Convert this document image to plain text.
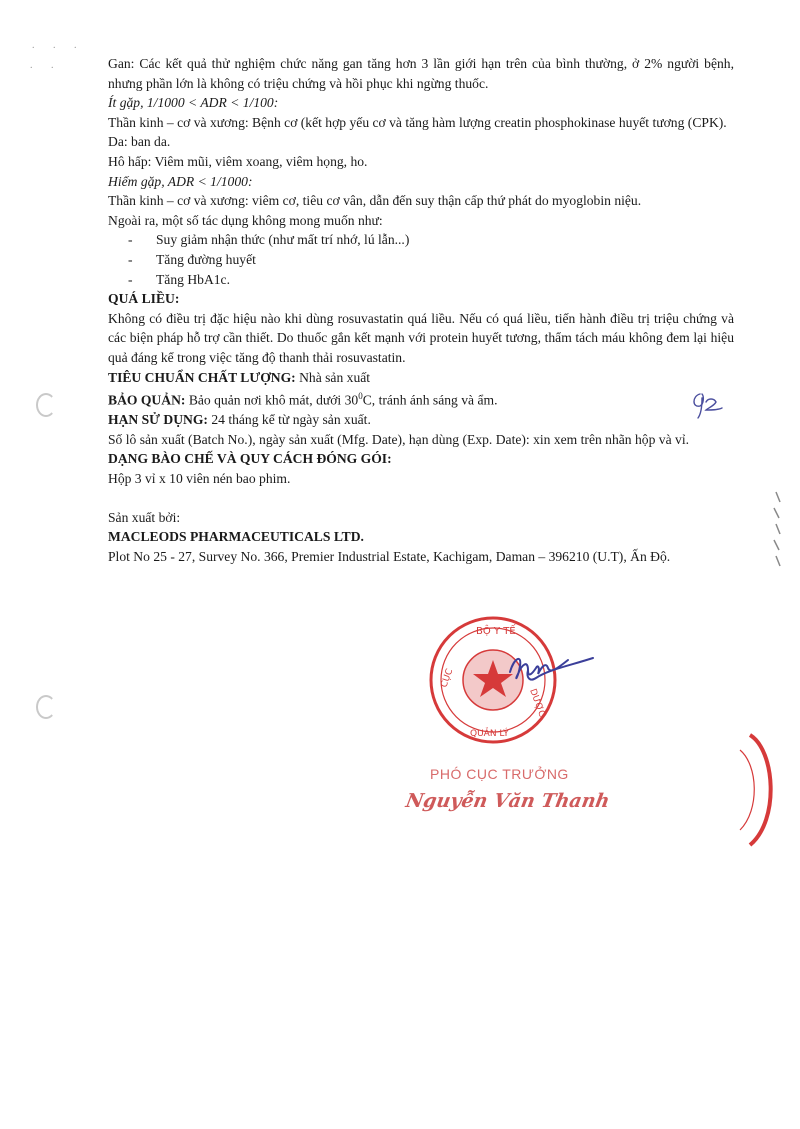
. . .
. .	Gan: Các kết quả thử nghiệm chức năng gan tăng hơn 3 lần giới hạn trên của bình thường, ở 2% người bệnh, nhưng phần lớn là không có triệu chứng và hồi phục khi ngừng thuốc.

Ít gặp, 1/1000 < ADR < 1/100:

Thần kinh – cơ và xương: Bệnh cơ (kết hợp yếu cơ và tăng hàm lượng creatin phosphokinase huyết tương (CPK).

Da: ban da.

Hô hấp: Viêm mũi, viêm xoang, viêm họng, ho.

Hiếm gặp, ADR < 1/1000:

Thần kinh – cơ và xương: viêm cơ, tiêu cơ vân, dẫn đến suy thận cấp thứ phát do myoglobin niệu.

Ngoài ra, một số tác dụng không mong muốn như:

- Suy giảm nhận thức (như mất trí nhớ, lú lẫn...)
- Tăng đường huyết
- Tăng HbA1c.

QUÁ LIỀU:

Không có điều trị đặc hiệu nào khi dùng rosuvastatin quá liều. Nếu có quá liều, tiến hành điều trị triệu chứng và các biện pháp hỗ trợ cần thiết. Do thuốc gắn kết mạnh với protein huyết tương, thẩm tách máu không đem lại hiệu quả đáng kể trong việc tăng độ thanh thải rosuvastatin.

TIÊU CHUẨN CHẤT LƯỢNG: Nhà sản xuất

BẢO QUẢN: Bảo quản nơi khô mát, dưới $30^0C$, tránh ánh sáng và ẩm.

HẠN SỬ DỤNG: 24 tháng kể từ ngày sản xuất.

Số lô sản xuất (Batch No.), ngày sản xuất (Mfg. Date), hạn dùng (Exp. Date): xin xem trên nhãn hộp và vỉ.

DẠNG BÀO CHẾ VÀ QUY CÁCH ĐÓNG GÓI:

Hộp 3 vỉ x 10 viên nén bao phim.

Sản xuất bởi:

MACLEODS PHARMACEUTICALS LTD.

Plot No 25 - 27, Survey No. 366, Premier Industrial Estate, Kachigam, Daman – 396210 (U.T), Ấn Độ.

BỘ Y TẾ
CỤC
QUẢN LÝ
DƯỢC
PHÓ CỤC TRƯỞNG
Nguyễn Văn Thanh
